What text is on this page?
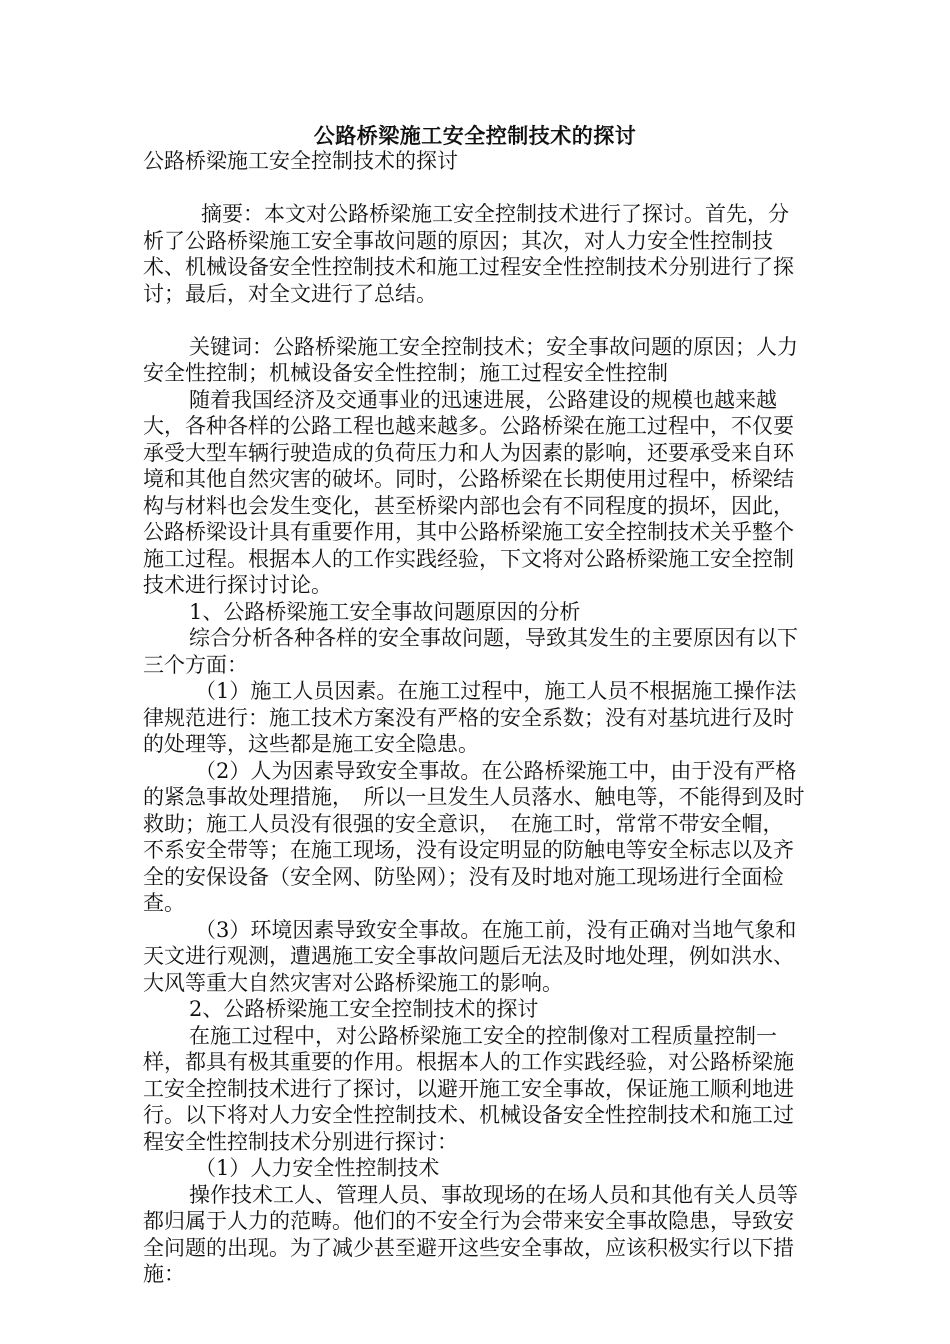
公路桥梁施工安全控制技术的探讨

公路桥梁施工安全控制技术的探讨

摘要：本文对公路桥梁施工安全控制技术进行了探讨。首先，分析了公路桥梁施工安全事故问题的原因；其次，对人力安全性控制技术、机械设备安全性控制技术和施工过程安全性控制技术分别进行了探讨；最后，对全文进行了总结。

关键词：公路桥梁施工安全控制技术；安全事故问题的原因；人力安全性控制；机械设备安全性控制；施工过程安全性控制

随着我国经济及交通事业的迅速进展，公路建设的规模也越来越大，各种各样的公路工程也越来越多。公路桥梁在施工过程中，不仅要承受大型车辆行驶造成的负荷压力和人为因素的影响，还要承受来自环境和其他自然灾害的破坏。同时，公路桥梁在长期使用过程中，桥梁结构与材料也会发生变化，甚至桥梁内部也会有不同程度的损坏，因此，公路桥梁设计具有重要作用，其中公路桥梁施工安全控制技术关乎整个施工过程。根据本人的工作实践经验，下文将对公路桥梁施工安全控制技术进行探讨讨论。

1、公路桥梁施工安全事故问题原因的分析

综合分析各种各样的安全事故问题，导致其发生的主要原因有以下三个方面：

（1）施工人员因素。在施工过程中，施工人员不根据施工操作法律规范进行：施工技术方案没有严格的安全系数；没有对基坑进行及时的处理等，这些都是施工安全隐患。

（2）人为因素导致安全事故。在公路桥梁施工中，由于没有严格的紧急事故处理措施，　所以一旦发生人员落水、触电等，不能得到及时救助；施工人员没有很强的安全意识，　在施工时，常常不带安全帽，　不系安全带等；在施工现场，没有设定明显的防触电等安全标志以及齐全的安保设备（安全网、防坠网）；没有及时地对施工现场进行全面检查。

（3）环境因素导致安全事故。在施工前，没有正确对当地气象和天文进行观测，遭遇施工安全事故问题后无法及时地处理，例如洪水、大风等重大自然灾害对公路桥梁施工的影响。

2、公路桥梁施工安全控制技术的探讨

在施工过程中，对公路桥梁施工安全的控制像对工程质量控制一样，都具有极其重要的作用。根据本人的工作实践经验，对公路桥梁施工安全控制技术进行了探讨，以避开施工安全事故，保证施工顺利地进行。以下将对人力安全性控制技术、机械设备安全性控制技术和施工过程安全性控制技术分别进行探讨：

（1）人力安全性控制技术

操作技术工人、管理人员、事故现场的在场人员和其他有关人员等都归属于人力的范畴。他们的不安全行为会带来安全事故隐患，导致安全问题的出现。为了减少甚至避开这些安全事故，应该积极实行以下措施：
